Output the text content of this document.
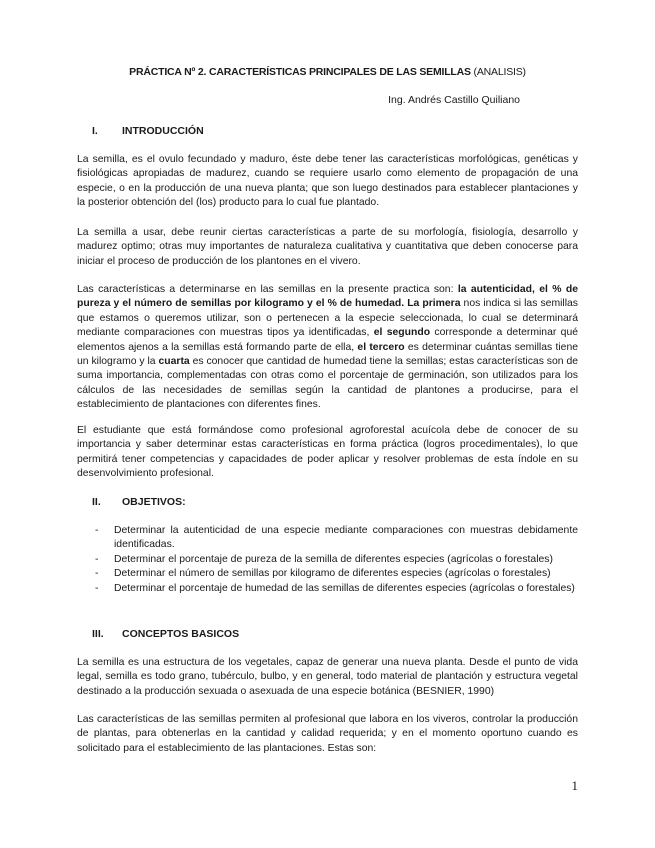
PRÁCTICA Nº 2. CARACTERÍSTICAS PRINCIPALES DE LAS SEMILLAS (ANALISIS)
Ing. Andrés Castillo Quiliano
I. INTRODUCCIÓN

La semilla, es el ovulo fecundado y maduro, éste debe tener las características morfológicas, genéticas y fisiológicas apropiadas de madurez, cuando se requiere usarlo como elemento de propagación de una especie, o en la producción de una nueva planta; que son luego destinados para establecer plantaciones y la posterior obtención del (los) producto para lo cual fue plantado.

La semilla a usar, debe reunir ciertas características a parte de su morfología, fisiología, desarrollo y madurez optimo; otras muy importantes de naturaleza cualitativa y cuantitativa que deben conocerse para iniciar el proceso de producción de los plantones en el vivero.

Las características a determinarse en las semillas en la presente practica son: la autenticidad, el % de pureza y el número de semillas por kilogramo y el % de humedad. La primera nos indica si las semillas que estamos o queremos utilizar, son o pertenecen a la especie seleccionada, lo cual se determinará mediante comparaciones con muestras tipos ya identificadas, el segundo corresponde a determinar qué elementos ajenos a la semillas está formando parte de ella, el tercero es determinar cuántas semillas tiene un kilogramo y la cuarta es conocer que cantidad de humedad tiene la semillas; estas características son de suma importancia, complementadas con otras como el porcentaje de germinación, son utilizados para los cálculos de las necesidades de semillas según la cantidad de plantones a producirse, para el establecimiento de plantaciones con diferentes fines.

El estudiante que está formándose como profesional agroforestal acuícola debe de conocer de su importancia y saber determinar estas características en forma práctica (logros procedimentales), lo que permitirá tener competencias y capacidades de poder aplicar y resolver problemas de esta índole en su desenvolvimiento profesional.

II. OBJETIVOS:
- Determinar la autenticidad de una especie mediante comparaciones con muestras debidamente identificadas.
- Determinar el porcentaje de pureza de la semilla de diferentes especies (agrícolas o forestales)
- Determinar el número de semillas por kilogramo de diferentes especies (agrícolas o forestales)
- Determinar el porcentaje de humedad de las semillas de diferentes especies (agrícolas o forestales)
III. CONCEPTOS BASICOS

La semilla es una estructura de los vegetales, capaz de generar una nueva planta. Desde el punto de vida legal, semilla es todo grano, tubérculo, bulbo, y en general, todo material de plantación y estructura vegetal destinado a la producción sexuada o asexuada de una especie botánica (BESNIER, 1990)

Las características de las semillas permiten al profesional que labora en los viveros, controlar la producción de plantas, para obtenerlas en la cantidad y calidad requerida; y en el momento oportuno cuando es solicitado para el establecimiento de las plantaciones. Estas son:

1
